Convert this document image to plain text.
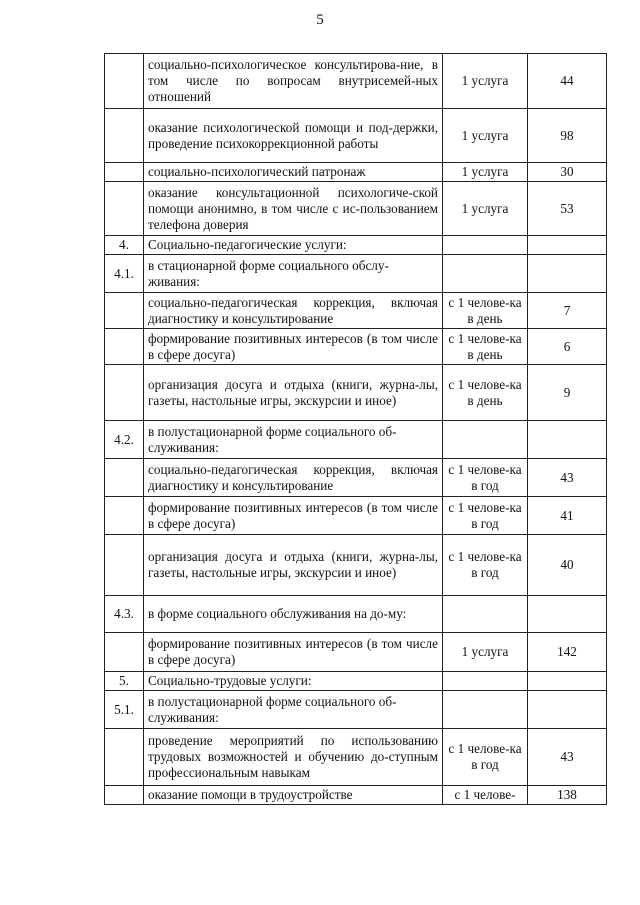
5
	социально-психологическое консультирова-ние, в том числе по вопросам внутрисемей-ных отношений	1 услуга	44
	оказание психологической помощи и под-держки, проведение психокоррекционной работы	1 услуга	98
	социально-психологический патронаж	1 услуга	30
	оказание консультационной психологиче-ской помощи анонимно, в том числе с ис-пользованием телефона доверия	1 услуга	53
4.	Социально-педагогические услуги:		
4.1.	в стационарной форме социального обслу-живания:		
	социально-педагогическая коррекция, включая диагностику и консультирование	с 1 челове-ка в день	7
	формирование позитивных интересов (в том числе в сфере досуга)	с 1 челове-ка в день	6
	организация досуга и отдыха (книги, журна-лы, газеты, настольные игры, экскурсии и иное)	с 1 челове-ка в день	9
4.2.	в полустационарной форме социального об-служивания:		
	социально-педагогическая коррекция, включая диагностику и консультирование	с 1 челове-ка в год	43
	формирование позитивных интересов (в том числе в сфере досуга)	с 1 челове-ка в год	41
	организация досуга и отдыха (книги, журна-лы, газеты, настольные игры, экскурсии и иное)	с 1 челове-ка в год	40
4.3.	в форме социального обслуживания на до-му:		
	формирование позитивных интересов (в том числе в сфере досуга)	1 услуга	142
5.	Социально-трудовые услуги:		
5.1.	в полустационарной форме социального об-служивания:		
	проведение мероприятий по использованию трудовых возможностей и обучению до-ступным профессиональным навыкам	с 1 челове-ка в год	43
	оказание помощи в трудоустройстве	с 1 челове-	138
